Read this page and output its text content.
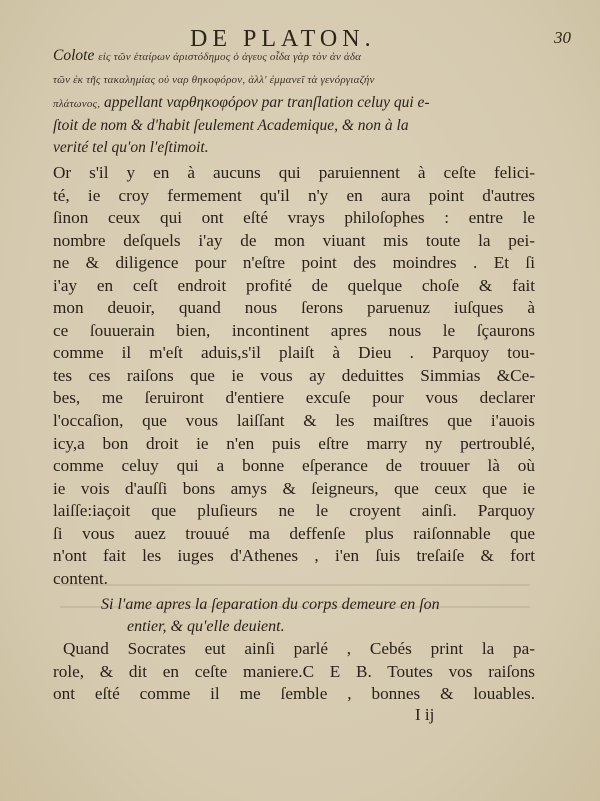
DE PLATON.	30
Colote εἰς τῶν ἑταίρων ἀριστόδημος ὁ ἀγευς οἶδα γὰρ τὸν ἀν ἀδα
τῶν ἐκ τῆς τακαλημίας οὐ ναρ θηκοφόρον, ἀλλ' ἐμμανεῖ τὰ γενόργιαζήν
πλάτωνος, appellant ναρθηκοφόρον par tranſlation celuy qui e-
ſtoit de nom & d'habit ſeulement Academique, & non à la
verité tel qu'on l'eſtimoit.
Or s'il y en à aucuns qui paruiennent à ceſte felici-
té, ie croy fermement qu'il n'y en aura point d'autres
ſinon ceux qui ont eſté vrays philoſophes : entre le
nombre deſquels i'ay de mon viuant mis toute la pei-
ne & diligence pour n'eſtre point des moindres . Et ſi
i'ay en ceſt endroit profité de quelque choſe & fait
mon deuoir, quand nous ſerons paruenuz iuſques à
ce ſouuerain bien, incontinent apres nous le ſçaurons
comme il m'eſt aduis,s'il plaiſt à Dieu . Parquoy tou-
tes ces raiſons que ie vous ay deduittes Simmias &Ce-
bes, me ſeruiront d'entiere excuſe pour vous declarer
l'occaſion, que vous laiſſant & les maiſtres que i'auois
icy,a bon droit ie n'en puis eſtre marry ny pertroublé,
comme celuy qui a bonne eſperance de trouuer là où
ie vois d'auſſi bons amys & ſeigneurs, que ceux que ie
laiſſe:iaçoit que pluſieurs ne le croyent ainſi. Parquoy
ſi vous auez trouué ma deffenſe plus raiſonnable que
n'ont fait les iuges d'Athenes , i'en ſuis treſaiſe & fort
content.
Si l'ame apres la ſeparation du corps demeure en ſon
entier, & qu'elle deuient.
Quand Socrates eut ainſi parlé , Cebés print la pa-
role, & dit en ceſte maniere.C E B. Toutes vos raiſons
ont eſté comme il me ſemble , bonnes & louables.
I ij
